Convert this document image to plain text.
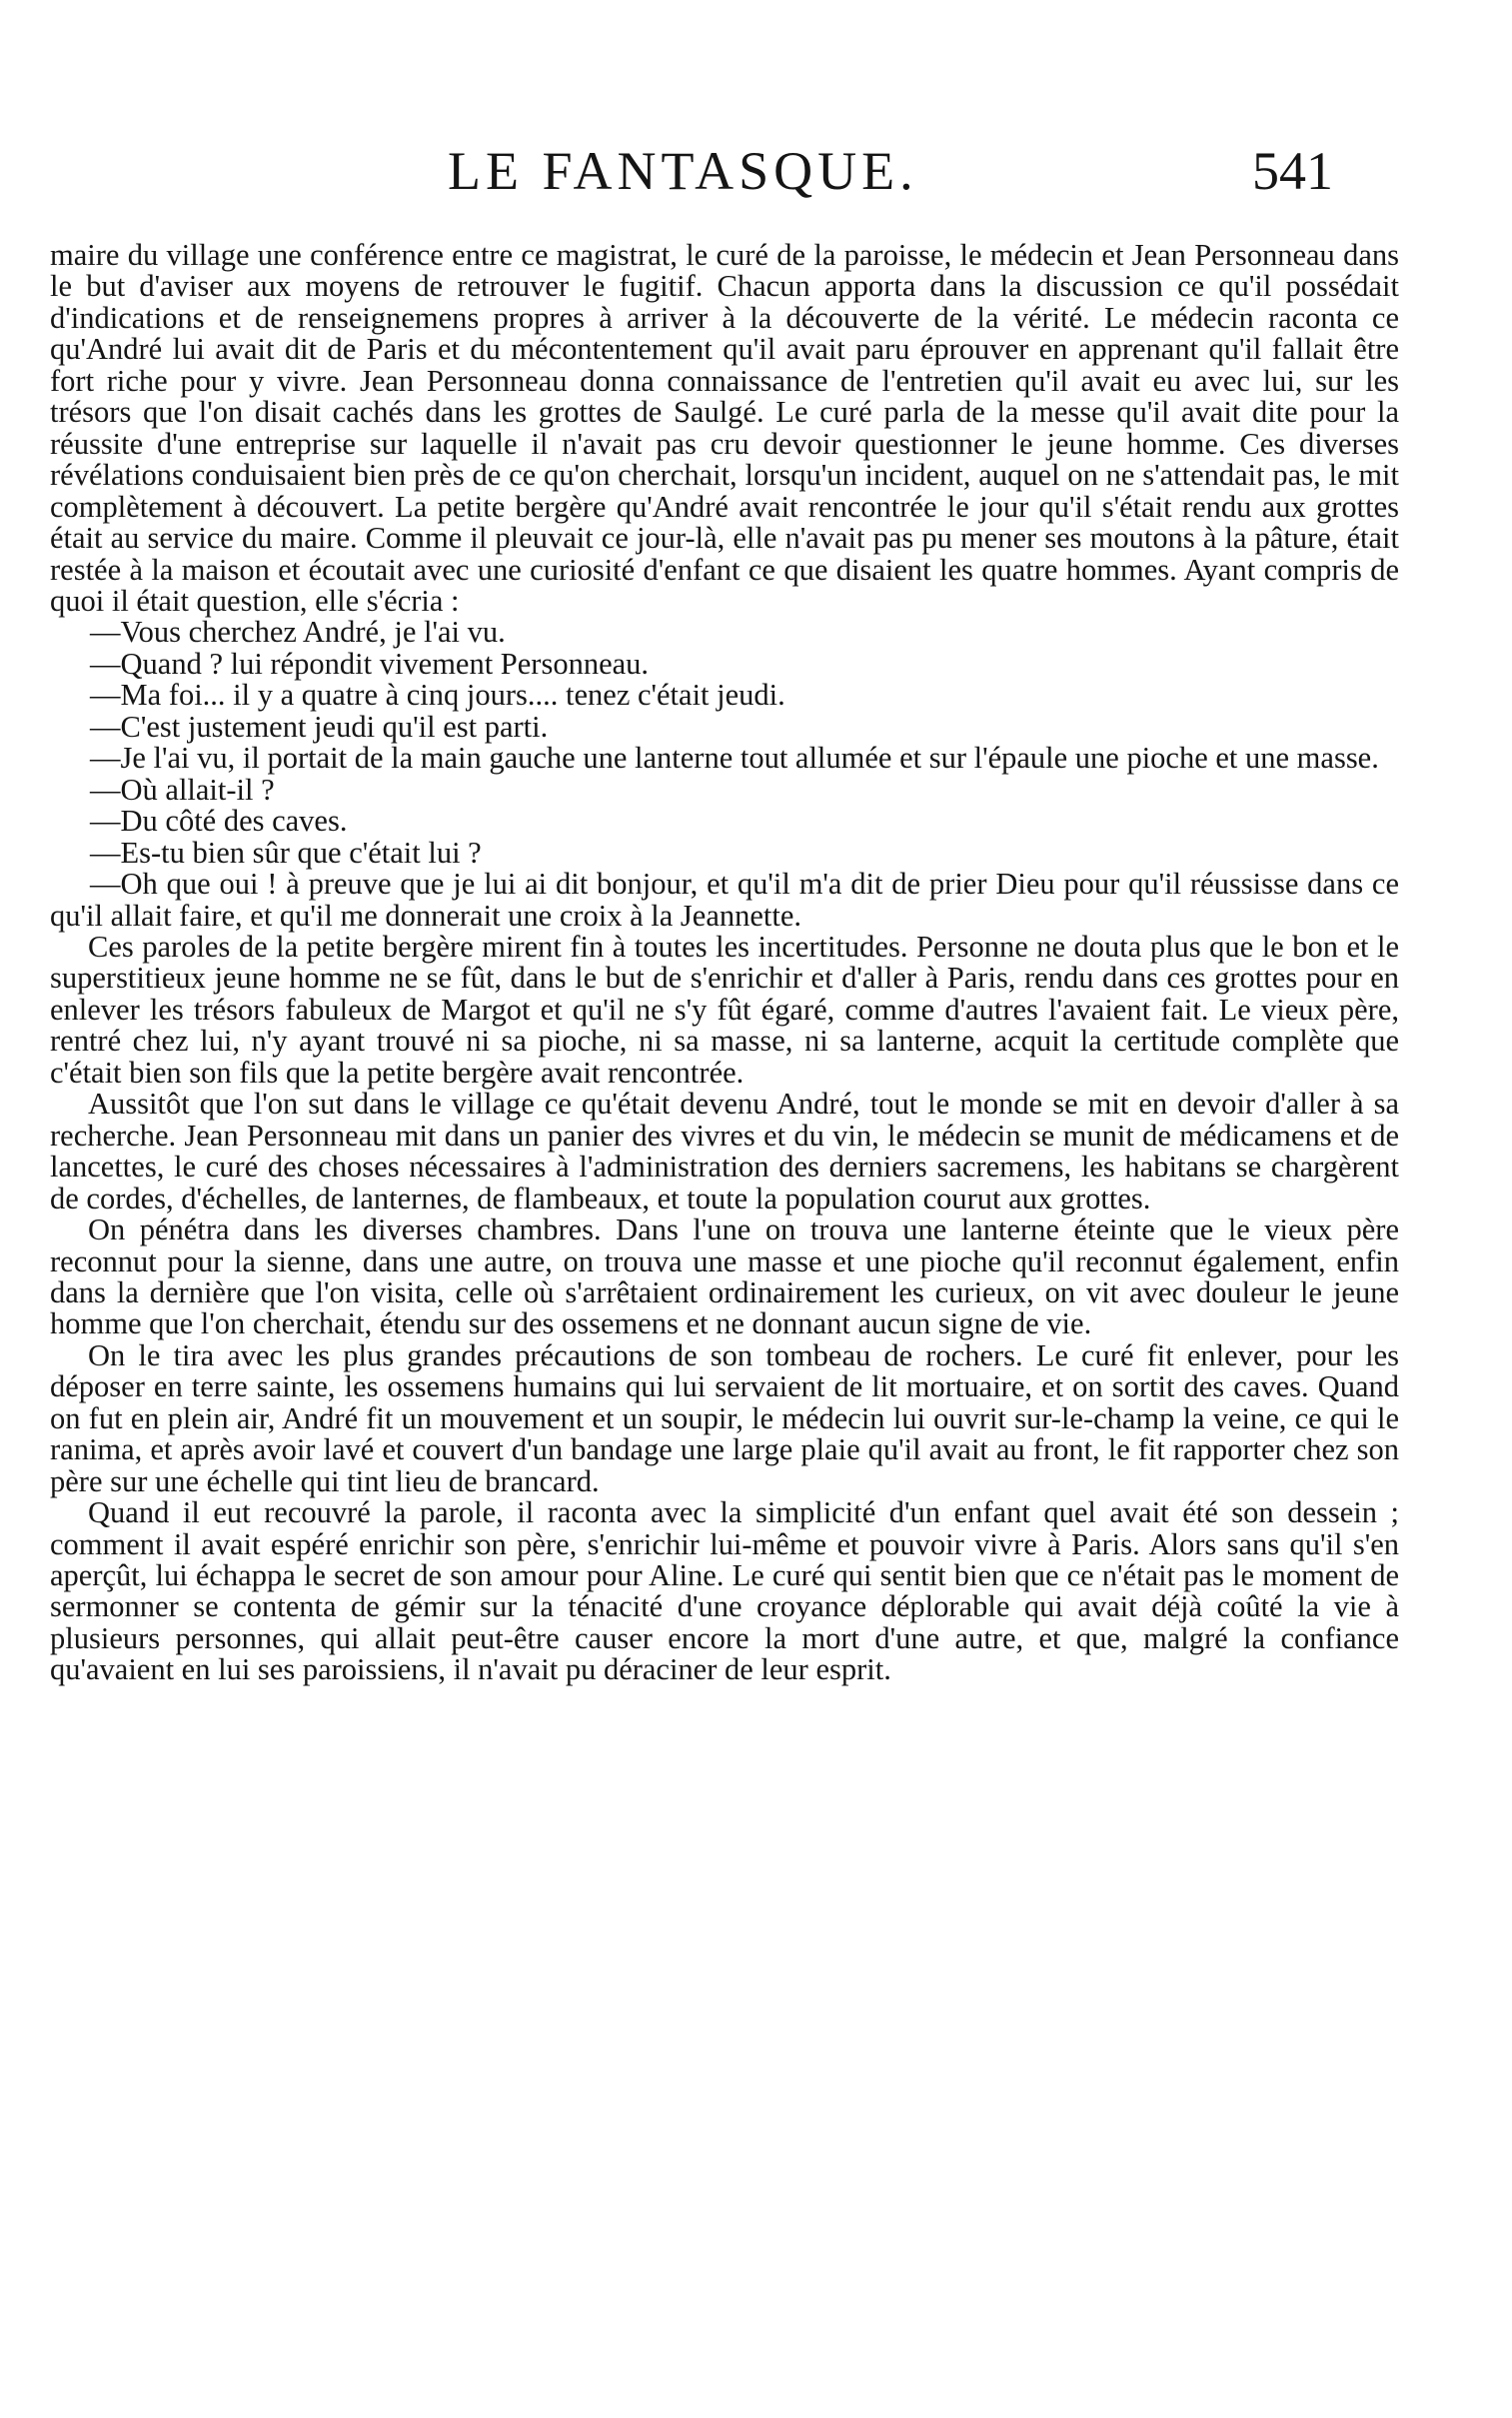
LE FANTASQUE.	541

maire du village une conférence entre ce magistrat, le curé de la paroisse, le médecin et Jean Personneau dans le but d'aviser aux moyens de retrouver le fugitif. Chacun apporta dans la discussion ce qu'il possédait d'indications et de renseignemens propres à arriver à la découverte de la vérité. Le médecin raconta ce qu'André lui avait dit de Paris et du mécontentement qu'il avait paru éprouver en apprenant qu'il fallait être fort riche pour y vivre. Jean Personneau donna connaissance de l'entretien qu'il avait eu avec lui, sur les trésors que l'on disait cachés dans les grottes de Saulgé. Le curé parla de la messe qu'il avait dite pour la réussite d'une entreprise sur laquelle il n'avait pas cru devoir questionner le jeune homme. Ces diverses révélations conduisaient bien près de ce qu'on cherchait, lorsqu'un incident, auquel on ne s'attendait pas, le mit complètement à découvert. La petite bergère qu'André avait rencontrée le jour qu'il s'était rendu aux grottes était au service du maire. Comme il pleuvait ce jour-là, elle n'avait pas pu mener ses moutons à la pâture, était restée à la maison et écoutait avec une curiosité d'enfant ce que disaient les quatre hommes. Ayant compris de quoi il était question, elle s'écria :

—Vous cherchez André, je l'ai vu.

—Quand ? lui répondit vivement Personneau.

—Ma foi... il y a quatre à cinq jours.... tenez c'était jeudi.

—C'est justement jeudi qu'il est parti.

—Je l'ai vu, il portait de la main gauche une lanterne tout allumée et sur l'épaule une pioche et une masse.

—Où allait-il ?

—Du côté des caves.

—Es-tu bien sûr que c'était lui ?

—Oh que oui ! à preuve que je lui ai dit bonjour, et qu'il m'a dit de prier Dieu pour qu'il réussisse dans ce qu'il allait faire, et qu'il me donnerait une croix à la Jeannette.

Ces paroles de la petite bergère mirent fin à toutes les incertitudes. Personne ne douta plus que le bon et le superstitieux jeune homme ne se fût, dans le but de s'enrichir et d'aller à Paris, rendu dans ces grottes pour en enlever les trésors fabuleux de Margot et qu'il ne s'y fût égaré, comme d'autres l'avaient fait. Le vieux père, rentré chez lui, n'y ayant trouvé ni sa pioche, ni sa masse, ni sa lanterne, acquit la certitude complète que c'était bien son fils que la petite bergère avait rencontrée.

Aussitôt que l'on sut dans le village ce qu'était devenu André, tout le monde se mit en devoir d'aller à sa recherche. Jean Personneau mit dans un panier des vivres et du vin, le médecin se munit de médicamens et de lancettes, le curé des choses nécessaires à l'administration des derniers sacremens, les habitans se chargèrent de cordes, d'échelles, de lanternes, de flambeaux, et toute la population courut aux grottes.

On pénétra dans les diverses chambres. Dans l'une on trouva une lanterne éteinte que le vieux père reconnut pour la sienne, dans une autre, on trouva une masse et une pioche qu'il reconnut également, enfin dans la dernière que l'on visita, celle où s'arrêtaient ordinairement les curieux, on vit avec douleur le jeune homme que l'on cherchait, étendu sur des ossemens et ne donnant aucun signe de vie.

On le tira avec les plus grandes précautions de son tombeau de rochers. Le curé fit enlever, pour les déposer en terre sainte, les ossemens humains qui lui servaient de lit mortuaire, et on sortit des caves. Quand on fut en plein air, André fit un mouvement et un soupir, le médecin lui ouvrit sur-le-champ la veine, ce qui le ranima, et après avoir lavé et couvert d'un bandage une large plaie qu'il avait au front, le fit rapporter chez son père sur une échelle qui tint lieu de brancard.

Quand il eut recouvré la parole, il raconta avec la simplicité d'un enfant quel avait été son dessein ; comment il avait espéré enrichir son père, s'enrichir lui-même et pouvoir vivre à Paris. Alors sans qu'il s'en aperçût, lui échappa le secret de son amour pour Aline. Le curé qui sentit bien que ce n'était pas le moment de sermonner se contenta de gémir sur la ténacité d'une croyance déplorable qui avait déjà coûté la vie à plusieurs personnes, qui allait peut-être causer encore la mort d'une autre, et que, malgré la confiance qu'avaient en lui ses paroissiens, il n'avait pu déraciner de leur esprit.
